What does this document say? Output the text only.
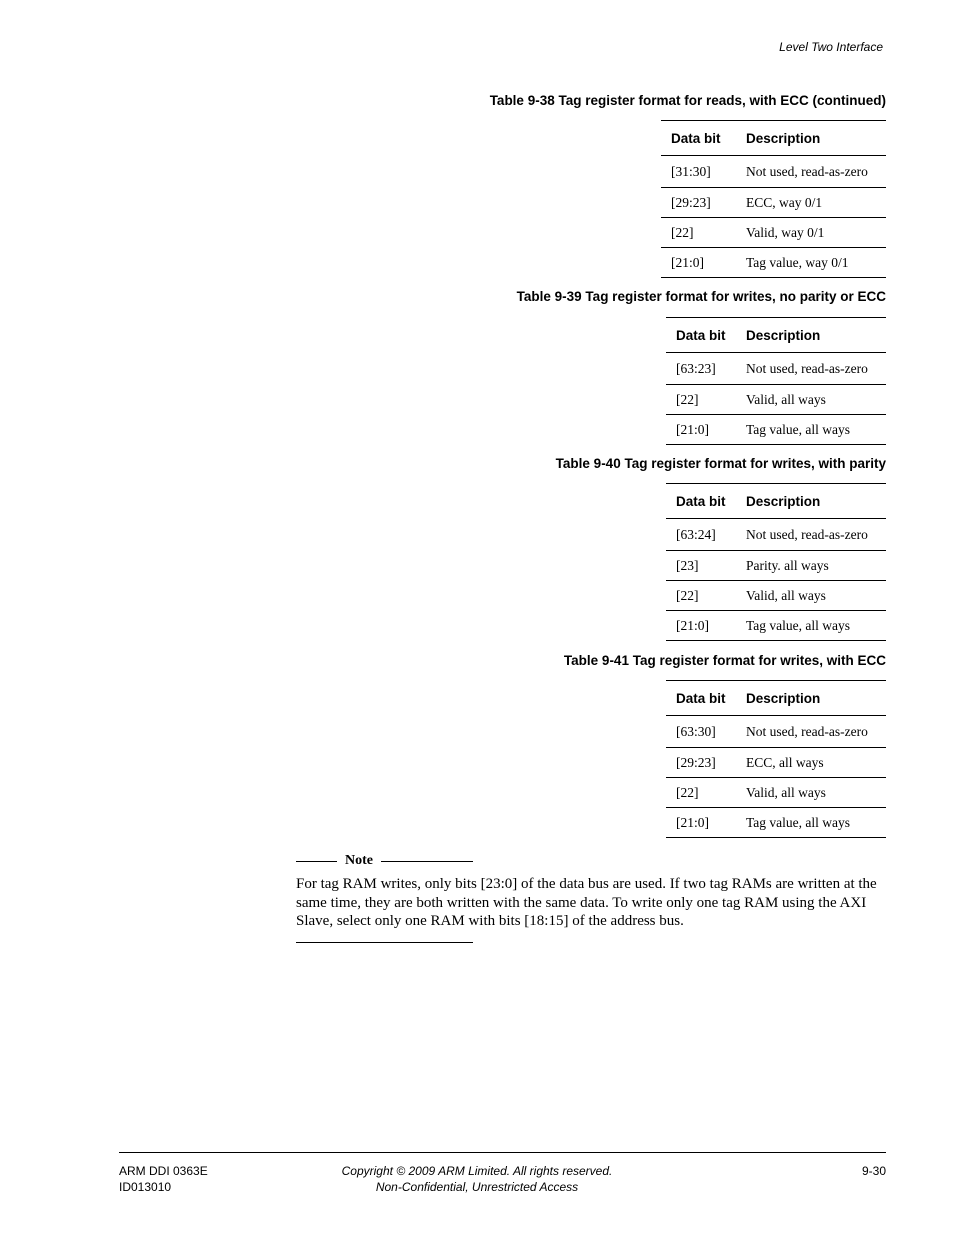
Level Two Interface
Table 9-38 Tag register format for reads, with ECC (continued)
Data bit	Description
[31:30]	Not used, read-as-zero
[29:23]	ECC, way 0/1
[22]	Valid, way 0/1
[21:0]	Tag value, way 0/1
Table 9-39 Tag register format for writes, no parity or ECC
Data bit	Description
[63:23]	Not used, read-as-zero
[22]	Valid, all ways
[21:0]	Tag value, all ways
Table 9-40 Tag register format for writes, with parity
Data bit	Description
[63:24]	Not used, read-as-zero
[23]	Parity. all ways
[22]	Valid, all ways
[21:0]	Tag value, all ways
Table 9-41 Tag register format for writes, with ECC
Data bit	Description
[63:30]	Not used, read-as-zero
[29:23]	ECC, all ways
[22]	Valid, all ways
[21:0]	Tag value, all ways
Note
For tag RAM writes, only bits [23:0] of the data bus are used. If two tag RAMs are written at the same time, they are both written with the same data. To write only one tag RAM using the AXI Slave, select only one RAM with bits [18:15] of the address bus.
ARM DDI 0363E
ID013010
Copyright © 2009 ARM Limited. All rights reserved.
Non-Confidential, Unrestricted Access
9-30
